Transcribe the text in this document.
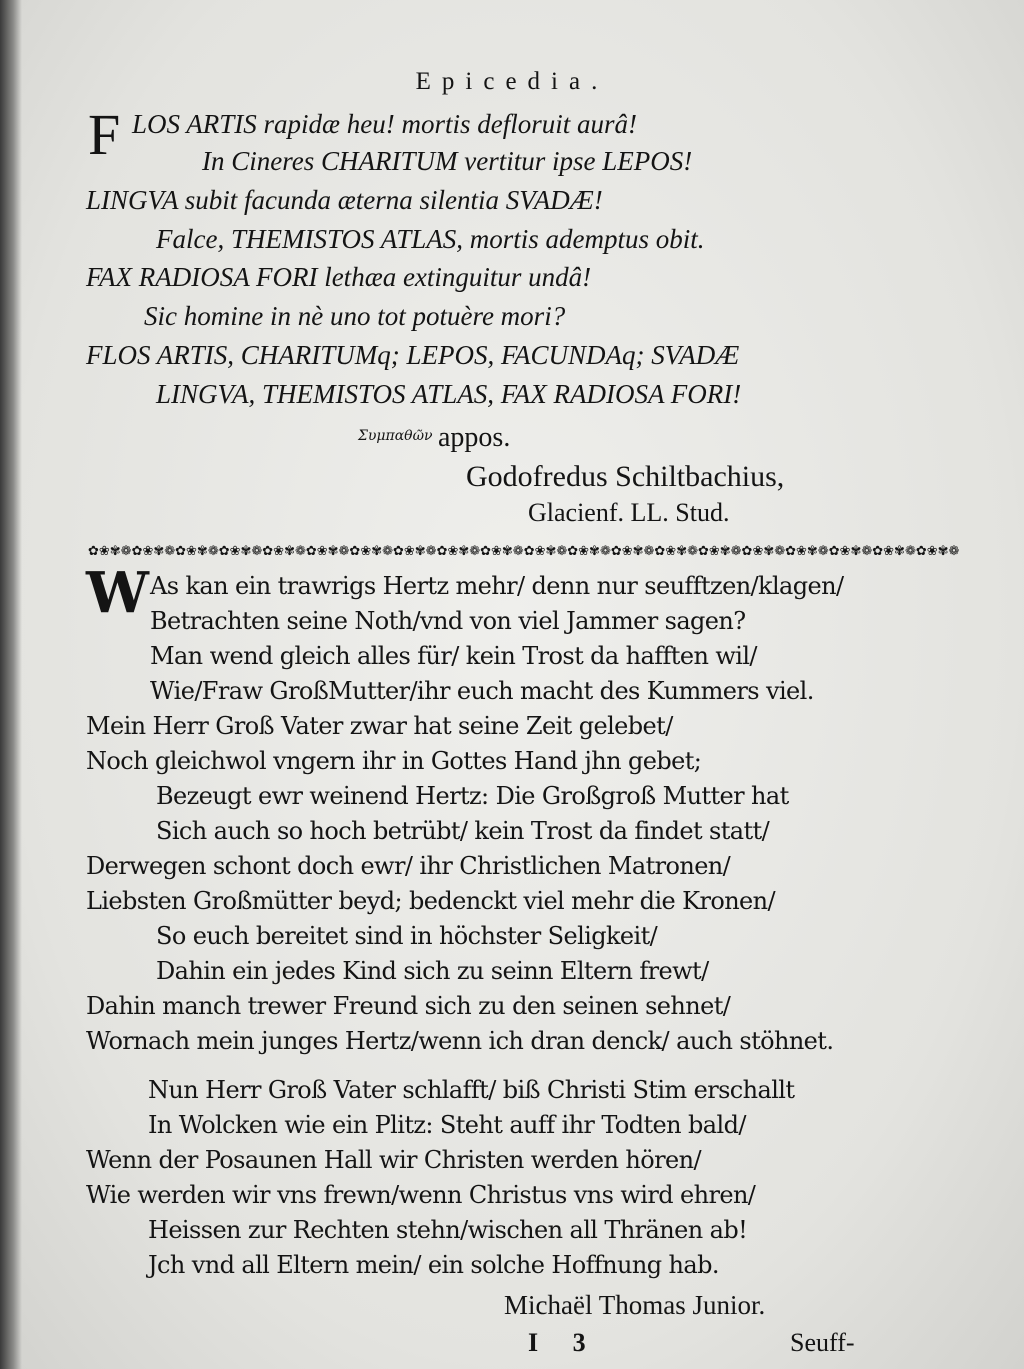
Epicedia.
F LOS ARTIS rapidæ heu! mortis defloruit aurâ!
In Cineres CHARITUM vertitur ipse LEPOS!
LINGVA subit facunda æterna silentia SVADÆ!
Falce, THEMISTOS ATLAS, mortis ademptus obit.
FAX RADIOSA FORI lethæa extinguitur undâ!
Sic homine in nè uno tot potuère mori?
FLOS ARTIS, CHARITUMq; LEPOS, FACUNDAq; SVADÆ
LINGVA, THEMISTOS ATLAS, FAX RADIOSA FORI!
Συμπαθῶν appos.
Godofredus Schiltbachius,
Glacienf. LL. Stud.
✿❀✾❁✿❀✾❁✿❀✾❁✿❀✾❁✿❀✾❁✿❀✾❁✿❀✾❁✿❀✾❁✿❀✾❁✿❀✾❁✿❀✾❁✿❀✾❁✿❀✾❁✿❀✾❁✿❀✾❁✿❀✾❁✿❀✾❁✿❀✾❁✿❀✾❁✿❀✾❁
W As kan ein trawrigs Hertz mehr/ denn nur seufftzen/klagen/
Betrachten seine Noth/vnd von viel Jammer sagen?
Man wend gleich alles für/ kein Trost da hafften wil/
Wie/Fraw GroßMutter/ihr euch macht des Kummers viel.
Mein Herr Groß Vater zwar hat seine Zeit gelebet/
Noch gleichwol vngern ihr in Gottes Hand jhn gebet;
Bezeugt ewr weinend Hertz: Die Großgroß Mutter hat
Sich auch so hoch betrübt/ kein Trost da findet statt/
Derwegen schont doch ewr/ ihr Christlichen Matronen/
Liebsten Großmütter beyd; bedenckt viel mehr die Kronen/
So euch bereitet sind in höchster Seligkeit/
Dahin ein jedes Kind sich zu seinn Eltern frewt/
Dahin manch trewer Freund sich zu den seinen sehnet/
Wornach mein junges Hertz/wenn ich dran denck/ auch stöhnet.
Nun Herr Groß Vater schlafft/ biß Christi Stim erschallt
In Wolcken wie ein Plitz: Steht auff ihr Todten bald/
Wenn der Posaunen Hall wir Christen werden hören/
Wie werden wir vns frewn/wenn Christus vns wird ehren/
Heissen zur Rechten stehn/wischen all Thränen ab!
Jch vnd all Eltern mein/ ein solche Hoffnung hab.
Michaël Thomas Junior.
I 3	Seuff-
